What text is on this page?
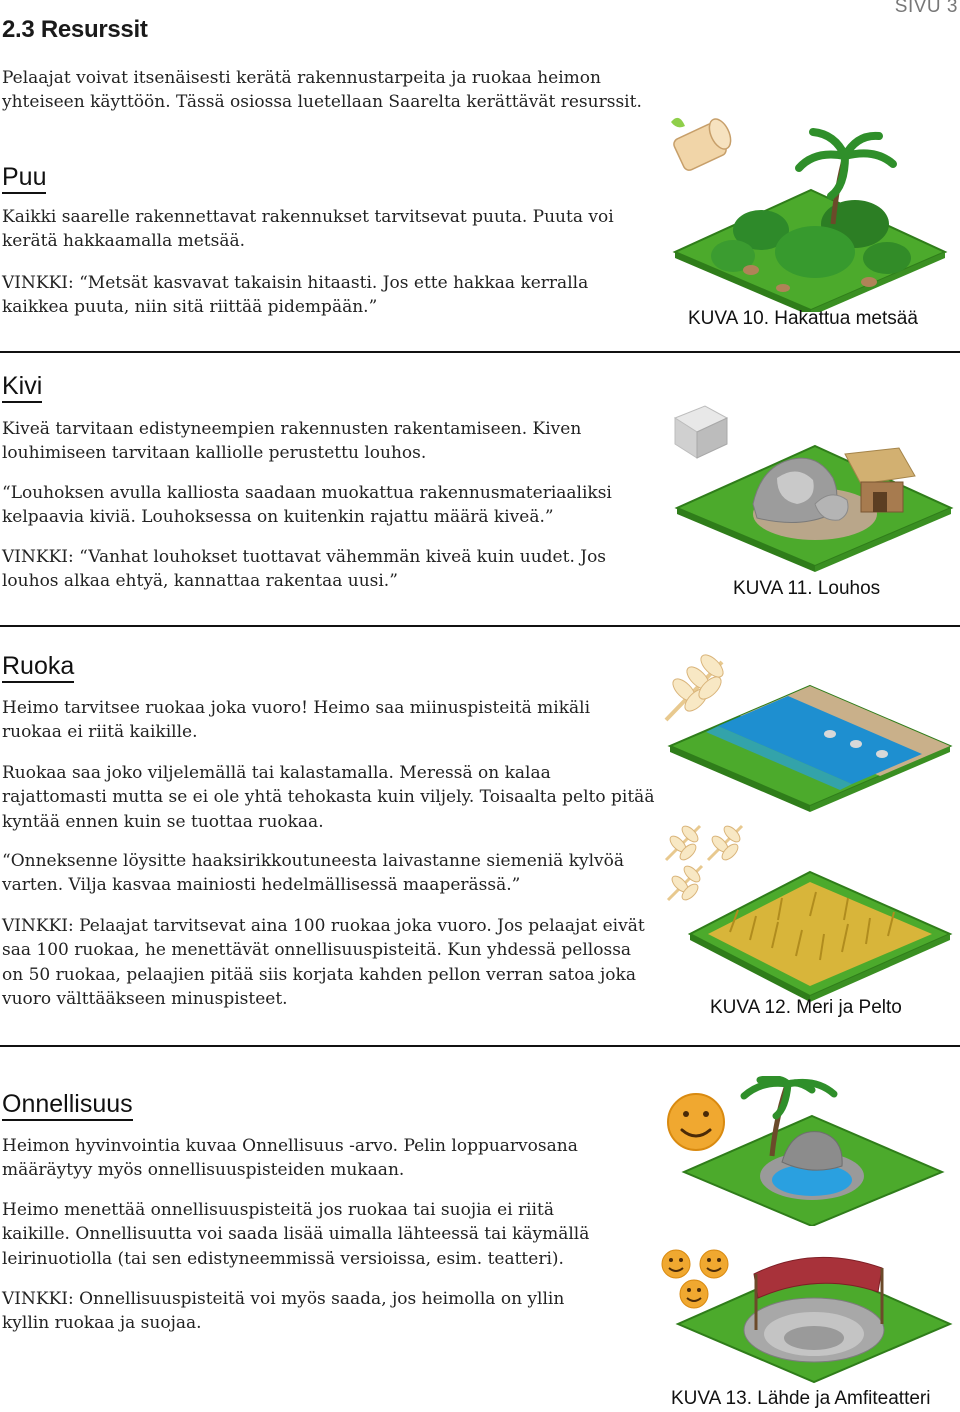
SIVU 3
2.3 Resurssit
Pelaajat voivat itsenäisesti kerätä rakennustarpeita ja ruokaa heimon
yhteiseen käyttöön. Tässä osiossa luetellaan Saarelta kerättävät resurssit.
Puu
Kaikki saarelle rakennettavat rakennukset tarvitsevat puuta. Puuta voi
kerätä hakkaamalla metsää.
VINKKI: “Metsät kasvavat takaisin hitaasti. Jos ette hakkaa kerralla
kaikkea puuta, niin sitä riittää pidempään.”
KUVA 10. Hakattua metsää
Kivi
Kiveä tarvitaan edistyneempien rakennusten rakentamiseen. Kiven
louhimiseen tarvitaan kalliolle perustettu louhos.
“Louhoksen avulla kalliosta saadaan muokattua rakennusmateriaaliksi
kelpaavia kiviä. Louhoksessa on kuitenkin rajattu määrä kiveä.”
VINKKI: “Vanhat louhokset tuottavat vähemmän kiveä kuin uudet. Jos
louhos alkaa ehtyä, kannattaa rakentaa uusi.”	KUVA 11. Louhos
Ruoka
Heimo tarvitsee ruokaa joka vuoro! Heimo saa miinuspisteitä mikäli
ruokaa ei riitä kaikille.
Ruokaa saa joko viljelemällä tai kalastamalla. Meressä on kalaa
rajattomasti mutta se ei ole yhtä tehokasta kuin viljely. Toisaalta pelto pitää
kyntää ennen kuin se tuottaa ruokaa.
“Onneksenne löysitte haaksirikkoutuneesta laivastanne siemeniä kylvöä
varten. Vilja kasvaa mainiosti hedelmällisessä maaperässä.”
VINKKI: Pelaajat tarvitsevat aina 100 ruokaa joka vuoro. Jos pelaajat eivät
saa 100 ruokaa, he menettävät onnellisuuspisteitä. Kun yhdessä pellossa
on 50 ruokaa, pelaajien pitää siis korjata kahden pellon verran satoa joka
vuoro välttääkseen minuspisteet.	KUVA 12. Meri ja Pelto
Onnellisuus
Heimon hyvinvointia kuvaa Onnellisuus -arvo. Pelin loppuarvosana
määräytyy myös onnellisuuspisteiden mukaan.
Heimo menettää onnellisuuspisteitä jos ruokaa tai suojia ei riitä
kaikille. Onnellisuutta voi saada lisää uimalla lähteessä tai käymällä
leirinuotiolla (tai sen edistyneemmissä versioissa, esim. teatteri).
VINKKI: Onnellisuuspisteitä voi myös saada, jos heimolla on yllin
kyllin ruokaa ja suojaa.
KUVA 13. Lähde ja Amfiteatteri
